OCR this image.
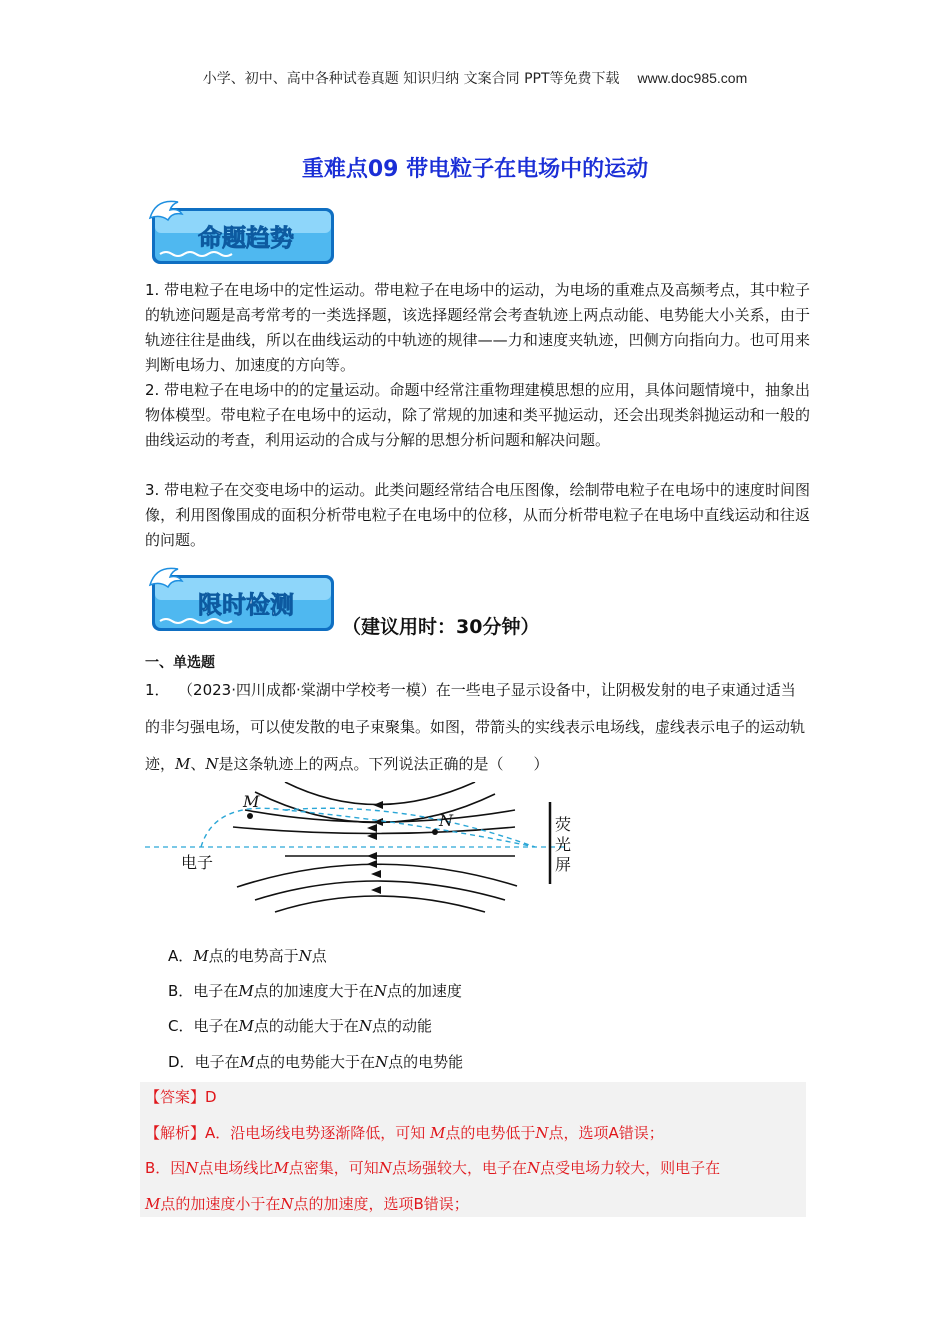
小学、初中、高中各种试卷真题 知识归纳 文案合同 PPT等免费下载 www.doc985.com
重难点09 带电粒子在电场中的运动
命题趋势
1. 带电粒子在电场中的定性运动。带电粒子在电场中的运动，为电场的重难点及高频考点，其中粒子的轨迹问题是高考常考的一类选择题，该选择题经常会考查轨迹上两点动能、电势能大小关系，由于轨迹往往是曲线，所以在曲线运动的中轨迹的规律——力和速度夹轨迹，凹侧方向指向力。也可用来判断电场力、加速度的方向等。
2. 带电粒子在电场中的的定量运动。命题中经常注重物理建模思想的应用，具体问题情境中，抽象出物体模型。带电粒子在电场中的运动，除了常规的加速和类平抛运动，还会出现类斜抛运动和一般的曲线运动的考查，利用运动的合成与分解的思想分析问题和解决问题。
3. 带电粒子在交变电场中的运动。此类问题经常结合电压图像，绘制带电粒子在电场中的速度时间图像，利用图像围成的面积分析带电粒子在电场中的位移，从而分析带电粒子在电场中直线运动和往返的问题。
限时检测
（建议用时：30分钟）
一、单选题
1． （2023·四川成都·棠湖中学校考一模）在一些电子显示设备中，让阴极发射的电子束通过适当的非匀强电场，可以使发散的电子束聚集。如图，带箭头的实线表示电场线，虚线表示电子的运动轨迹，M、N是这条轨迹上的两点。下列说法正确的是（　　）
M
N
电子
荧
光
屏
A．M点的电势高于N点
B．电子在M点的加速度大于在N点的加速度
C．电子在M点的动能大于在N点的动能
D．电子在M点的电势能大于在N点的电势能
【答案】D
【解析】A．沿电场线电势逐渐降低，可知 M点的电势低于N点，选项A错误；
B．因N点电场线比M点密集，可知N点场强较大，电子在N点受电场力较大，则电子在
M点的加速度小于在N点的加速度，选项B错误；
